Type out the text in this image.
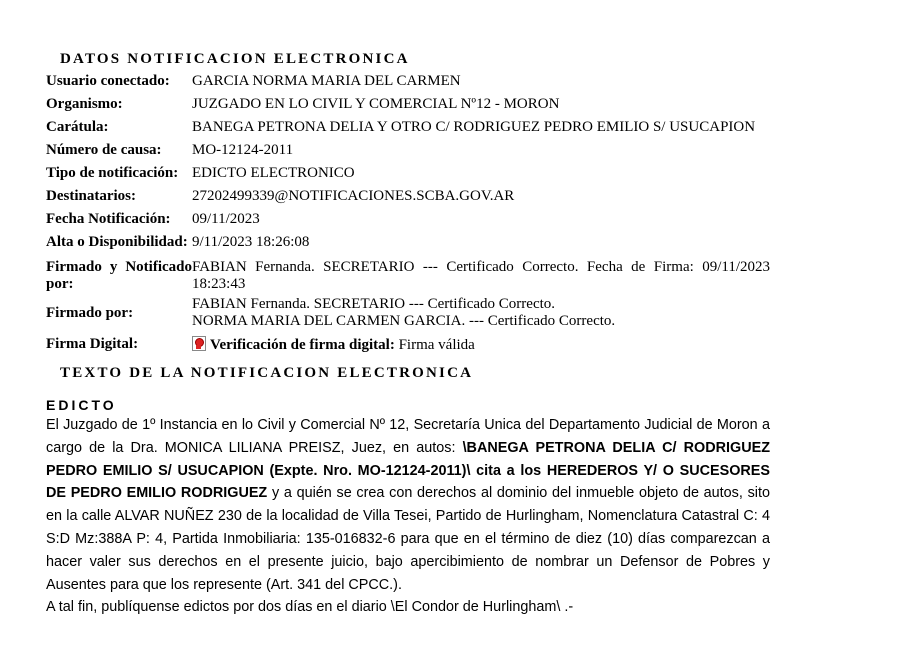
DATOS NOTIFICACION ELECTRONICA
Usuario conectado:	GARCIA NORMA MARIA DEL CARMEN
Organismo:	JUZGADO EN LO CIVIL Y COMERCIAL Nº12 - MORON
Carátula:	BANEGA PETRONA DELIA Y OTRO C/ RODRIGUEZ PEDRO EMILIO S/ USUCAPION
Número de causa:	MO-12124-2011
Tipo de notificación:	EDICTO ELECTRONICO
Destinatarios:	27202499339@NOTIFICACIONES.SCBA.GOV.AR
Fecha Notificación:	09/11/2023
Alta o Disponibilidad:	9/11/2023 18:26:08

Firmado y Notificado por:	FABIAN Fernanda. SECRETARIO --- Certificado Correcto. Fecha de Firma: 09/11/2023 18:23:43
Firmado por:	FABIAN Fernanda. SECRETARIO --- Certificado Correcto.
NORMA MARIA DEL CARMEN GARCIA. --- Certificado Correcto.

Firma Digital:	Verificación de firma digital: Firma válida
TEXTO DE LA NOTIFICACION ELECTRONICA
EDICTO

El Juzgado de 1º Instancia en lo Civil y Comercial Nº 12, Secretaría Unica del Departamento Judicial de Moron a cargo de la Dra. MONICA LILIANA PREISZ, Juez, en autos: \BANEGA PETRONA DELIA C/ RODRIGUEZ PEDRO EMILIO S/ USUCAPION (Expte. Nro. MO-12124-2011)\ cita a los HEREDEROS Y/ O SUCESORES DE PEDRO EMILIO RODRIGUEZ y a quién se crea con derechos al dominio del inmueble objeto de autos, sito en la calle ALVAR NUÑEZ 230 de la localidad de Villa Tesei, Partido de Hurlingham, Nomenclatura Catastral C: 4 S:D Mz:388A P: 4, Partida Inmobiliaria: 135-016832-6 para que en el término de diez (10) días comparezcan a hacer valer sus derechos en el presente juicio, bajo apercibimiento de nombrar un Defensor de Pobres y Ausentes para que los represente (Art. 341 del CPCC.).

A tal fin, publíquense edictos por dos días en el diario \El Condor de Hurlingham\ .-
